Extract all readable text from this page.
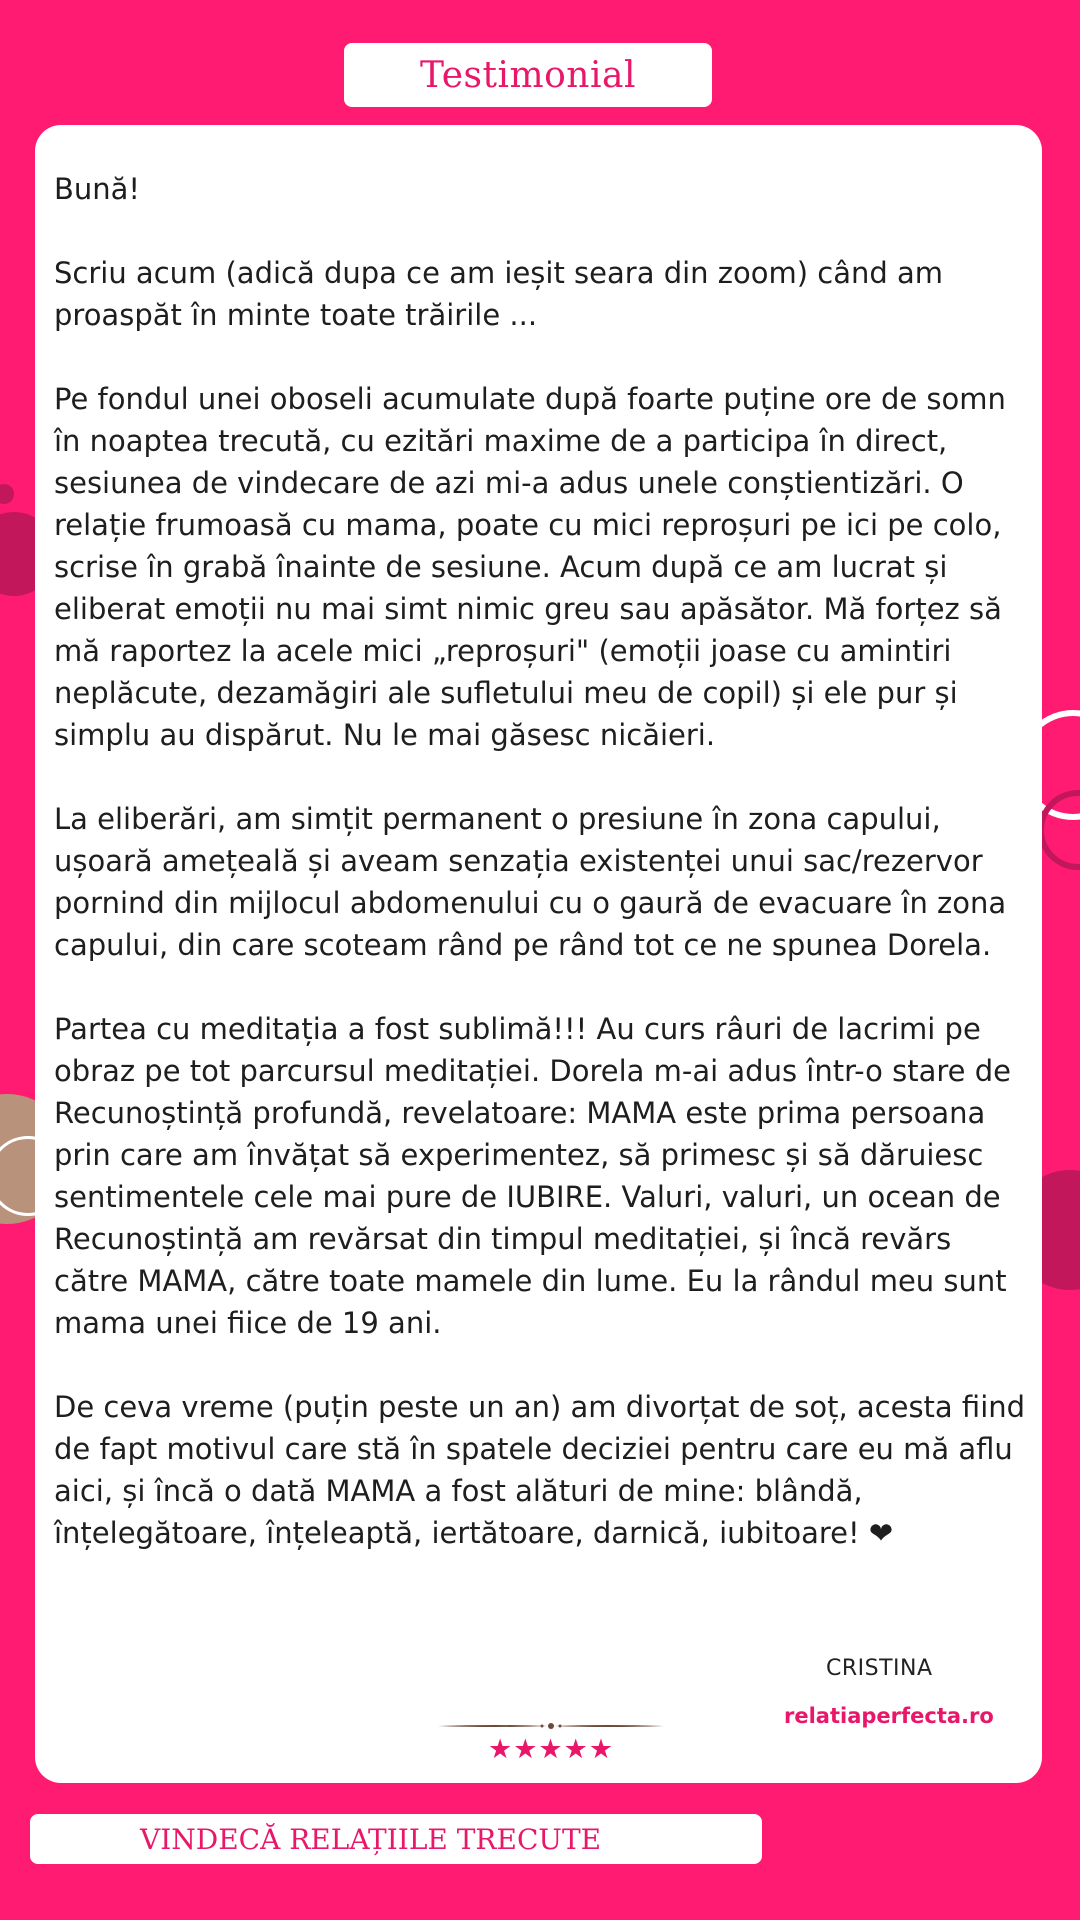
Testimonial

Bună!

Scriu acum (adică dupa ce am ieșit seara din zoom) când am proaspăt în minte toate trăirile ...

Pe fondul unei oboseli acumulate după foarte puține ore de somn în noaptea trecută, cu ezitări maxime de a participa în direct, sesiunea de vindecare de azi mi-a adus unele conștientizări. O relație frumoasă cu mama, poate cu mici reproșuri pe ici pe colo, scrise în grabă înainte de sesiune. Acum după ce am lucrat și eliberat emoții nu mai simt nimic greu sau apăsător. Mă forțez să mă raportez la acele mici „reproșuri" (emoții joase cu amintiri neplăcute, dezamăgiri ale sufletului meu de copil) și ele pur și simplu au dispărut. Nu le mai găsesc nicăieri.

La eliberări, am simțit permanent o presiune în zona capului, ușoară amețeală și aveam senzația existenței unui sac/rezervor pornind din mijlocul abdomenului cu o gaură de evacuare în zona capului, din care scoteam rând pe rând tot ce ne spunea Dorela.

Partea cu meditația a fost sublimă!!! Au curs râuri de lacrimi pe obraz pe tot parcursul meditației. Dorela m-ai adus într-o stare de Recunoștință profundă, revelatoare: MAMA este prima persoana prin care am învățat să experimentez, să primesc și să dăruiesc sentimentele cele mai pure de IUBIRE. Valuri, valuri, un ocean de Recunoștință am revărsat din timpul meditației, și încă revărs către MAMA, către toate mamele din lume. Eu la rândul meu sunt mama unei fiice de 19 ani.

De ceva vreme (puțin peste un an) am divorțat de soț, acesta fiind de fapt motivul care stă în spatele deciziei pentru care eu mă aflu aici, și încă o dată MAMA a fost alături de mine: blândă, înțelegătoare, înțeleaptă, iertătoare, darnică, iubitoare! ❤

CRISTINA
relatiaperfecta.ro
★★★★★
VINDECĂ RELAȚIILE TRECUTE
